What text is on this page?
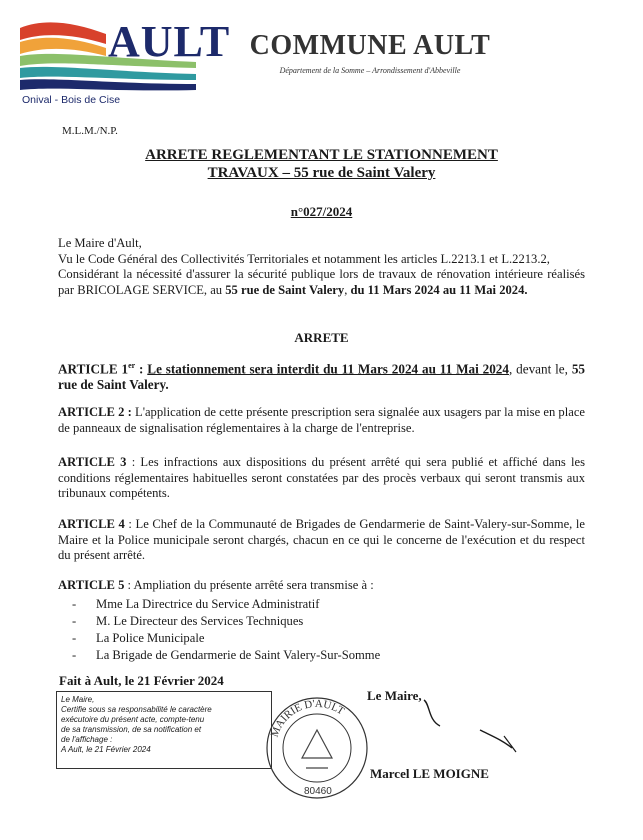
AULT
Onival - Bois de Cise
COMMUNE AULT
Département de la Somme – Arrondissement d'Abbeville
M.L.M./N.P.
ARRETE REGLEMENTANT LE STATIONNEMENT
TRAVAUX – 55 rue de Saint Valery
n°027/2024
Le Maire d'Ault,
Vu le Code Général des Collectivités Territoriales et notamment les articles L.2213.1 et L.2213.2,
Considérant la nécessité d'assurer la sécurité publique lors de travaux de rénovation intérieure réalisés par BRICOLAGE SERVICE, au 55 rue de Saint Valery, du 11 Mars 2024 au 11 Mai 2024.
ARRETE
ARTICLE 1er : Le stationnement sera interdit du 11 Mars 2024 au 11 Mai 2024, devant le, 55 rue de Saint Valery.
ARTICLE 2 : L'application de cette présente prescription sera signalée aux usagers par la mise en place de panneaux de signalisation réglementaires à la charge de l'entreprise.
ARTICLE 3 : Les infractions aux dispositions du présent arrêté qui sera publié et affiché dans les conditions réglementaires habituelles seront constatées par des procès verbaux qui seront transmis aux tribunaux compétents.
ARTICLE 4 : Le Chef de la Communauté de Brigades de Gendarmerie de Saint-Valery-sur-Somme, le Maire et la Police municipale seront chargés, chacun en ce qui le concerne de l'exécution et du respect du présent arrêté.
ARTICLE 5 : Ampliation du présente arrêté sera transmise à :
- Mme La Directrice du Service Administratif
- M. Le Directeur des Services Techniques
- La Police Municipale
- La Brigade de Gendarmerie de Saint Valery-Sur-Somme
Fait à Ault, le 21 Février 2024
Le Maire,
Certifie sous sa responsabilité le caractère
exécutoire du présent acte, compte-tenu
de sa transmission, de sa notification et
de l'affichage :
A Ault, le 21 Février 2024
Le Maire,
MAIRIE D'AULT
80460
Marcel LE MOIGNE
